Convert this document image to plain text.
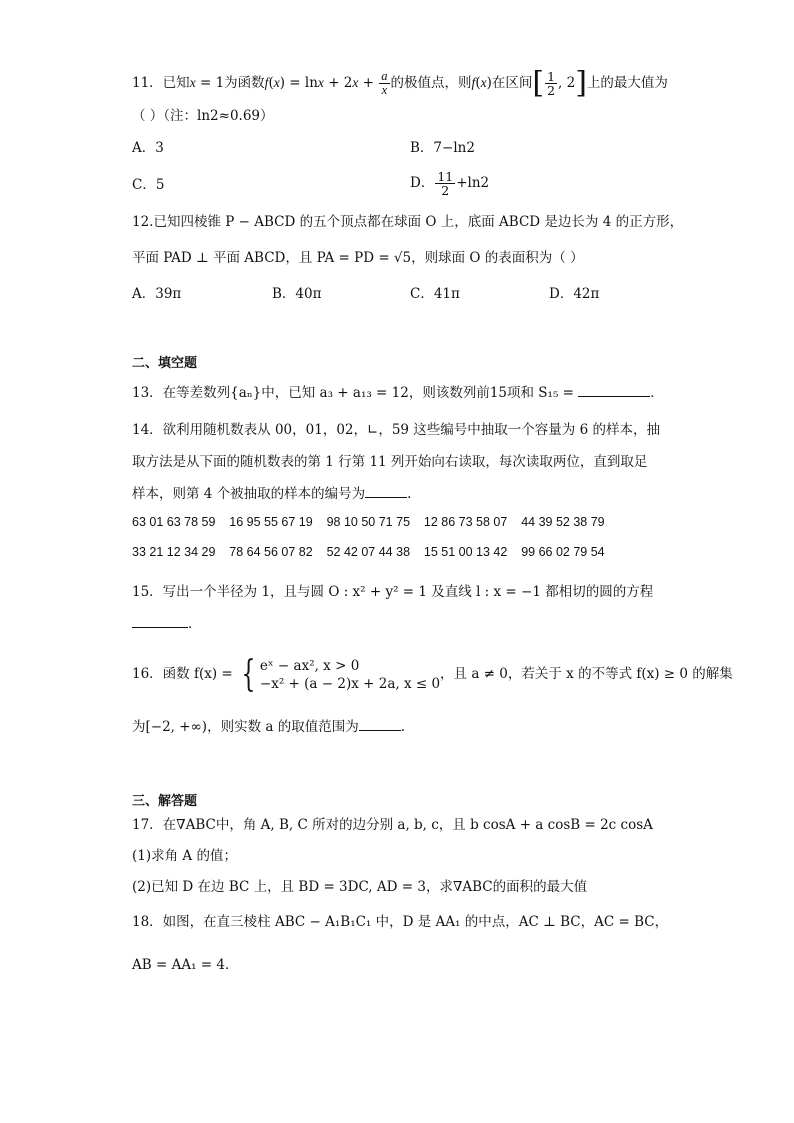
11．已知x = 1为函数$f(x) = \ln x + 2x + \frac{a}{x}$ 的极值点，则f(x)在区间[ $\frac{1}{2}$ , 2]上的最大值为
（ ）（注：ln2≈0.69）
A．3	B．7−ln2
C．5	D． $\frac{11}{2} +\ln 2$
12.已知四棱锥 P − ABCD 的五个顶点都在球面 O 上，底面 ABCD 是边长为 4 的正方形，
平面 PAD ⊥ 平面 ABCD，且 PA = PD = √5，则球面 O 的表面积为（ ）
A．39π	B．40π	C．41π	D．42π
二、填空题
13．在等差数列{aₙ}中，已知 a₃ + a₁₃ = 12，则该数列前15项和 S₁₅ =	．
14．欲利用随机数表从 00，01，02，∟，59 这些编号中抽取一个容量为 6 的样本，抽
取方法是从下面的随机数表的第 1 行第 11 列开始向右读取，每次读取两位，直到取足
样本，则第 4 个被抽取的样本的编号为	.
63 01 63 78 59    16 95 55 67 19    98 10 50 71 75    12 86 73 58 07    44 39 52 38 79
33 21 12 34 29    78 64 56 07 82    52 42 07 44 38    15 51 00 13 42    99 66 02 79 54
15．写出一个半径为 1，且与圆 O : x² + y² = 1 及直线 l : x = −1 都相切的圆的方程
．
16．函数 f(x) = { eˣ − ax², x > 0
−x² + (a − 2)x + 2a, x ≤ 0
，且 a ≠ 0，若关于 x 的不等式 f(x) ≥ 0 的解集
为[−2, +∞)，则实数 a 的取值范围为	.
三、解答题
17．在∇ABC中，角 A, B, C 所对的边分别 a, b, c，且 b cosA + a cosB = 2c cosA
(1)求角 A 的值；
(2)已知 D 在边 BC 上，且 BD = 3DC, AD = 3，求∇ABC的面积的最大值
18．如图，在直三棱柱 ABC − A₁B₁C₁ 中，D 是 AA₁ 的中点，AC ⊥ BC，AC = BC，
AB = AA₁ = 4．
